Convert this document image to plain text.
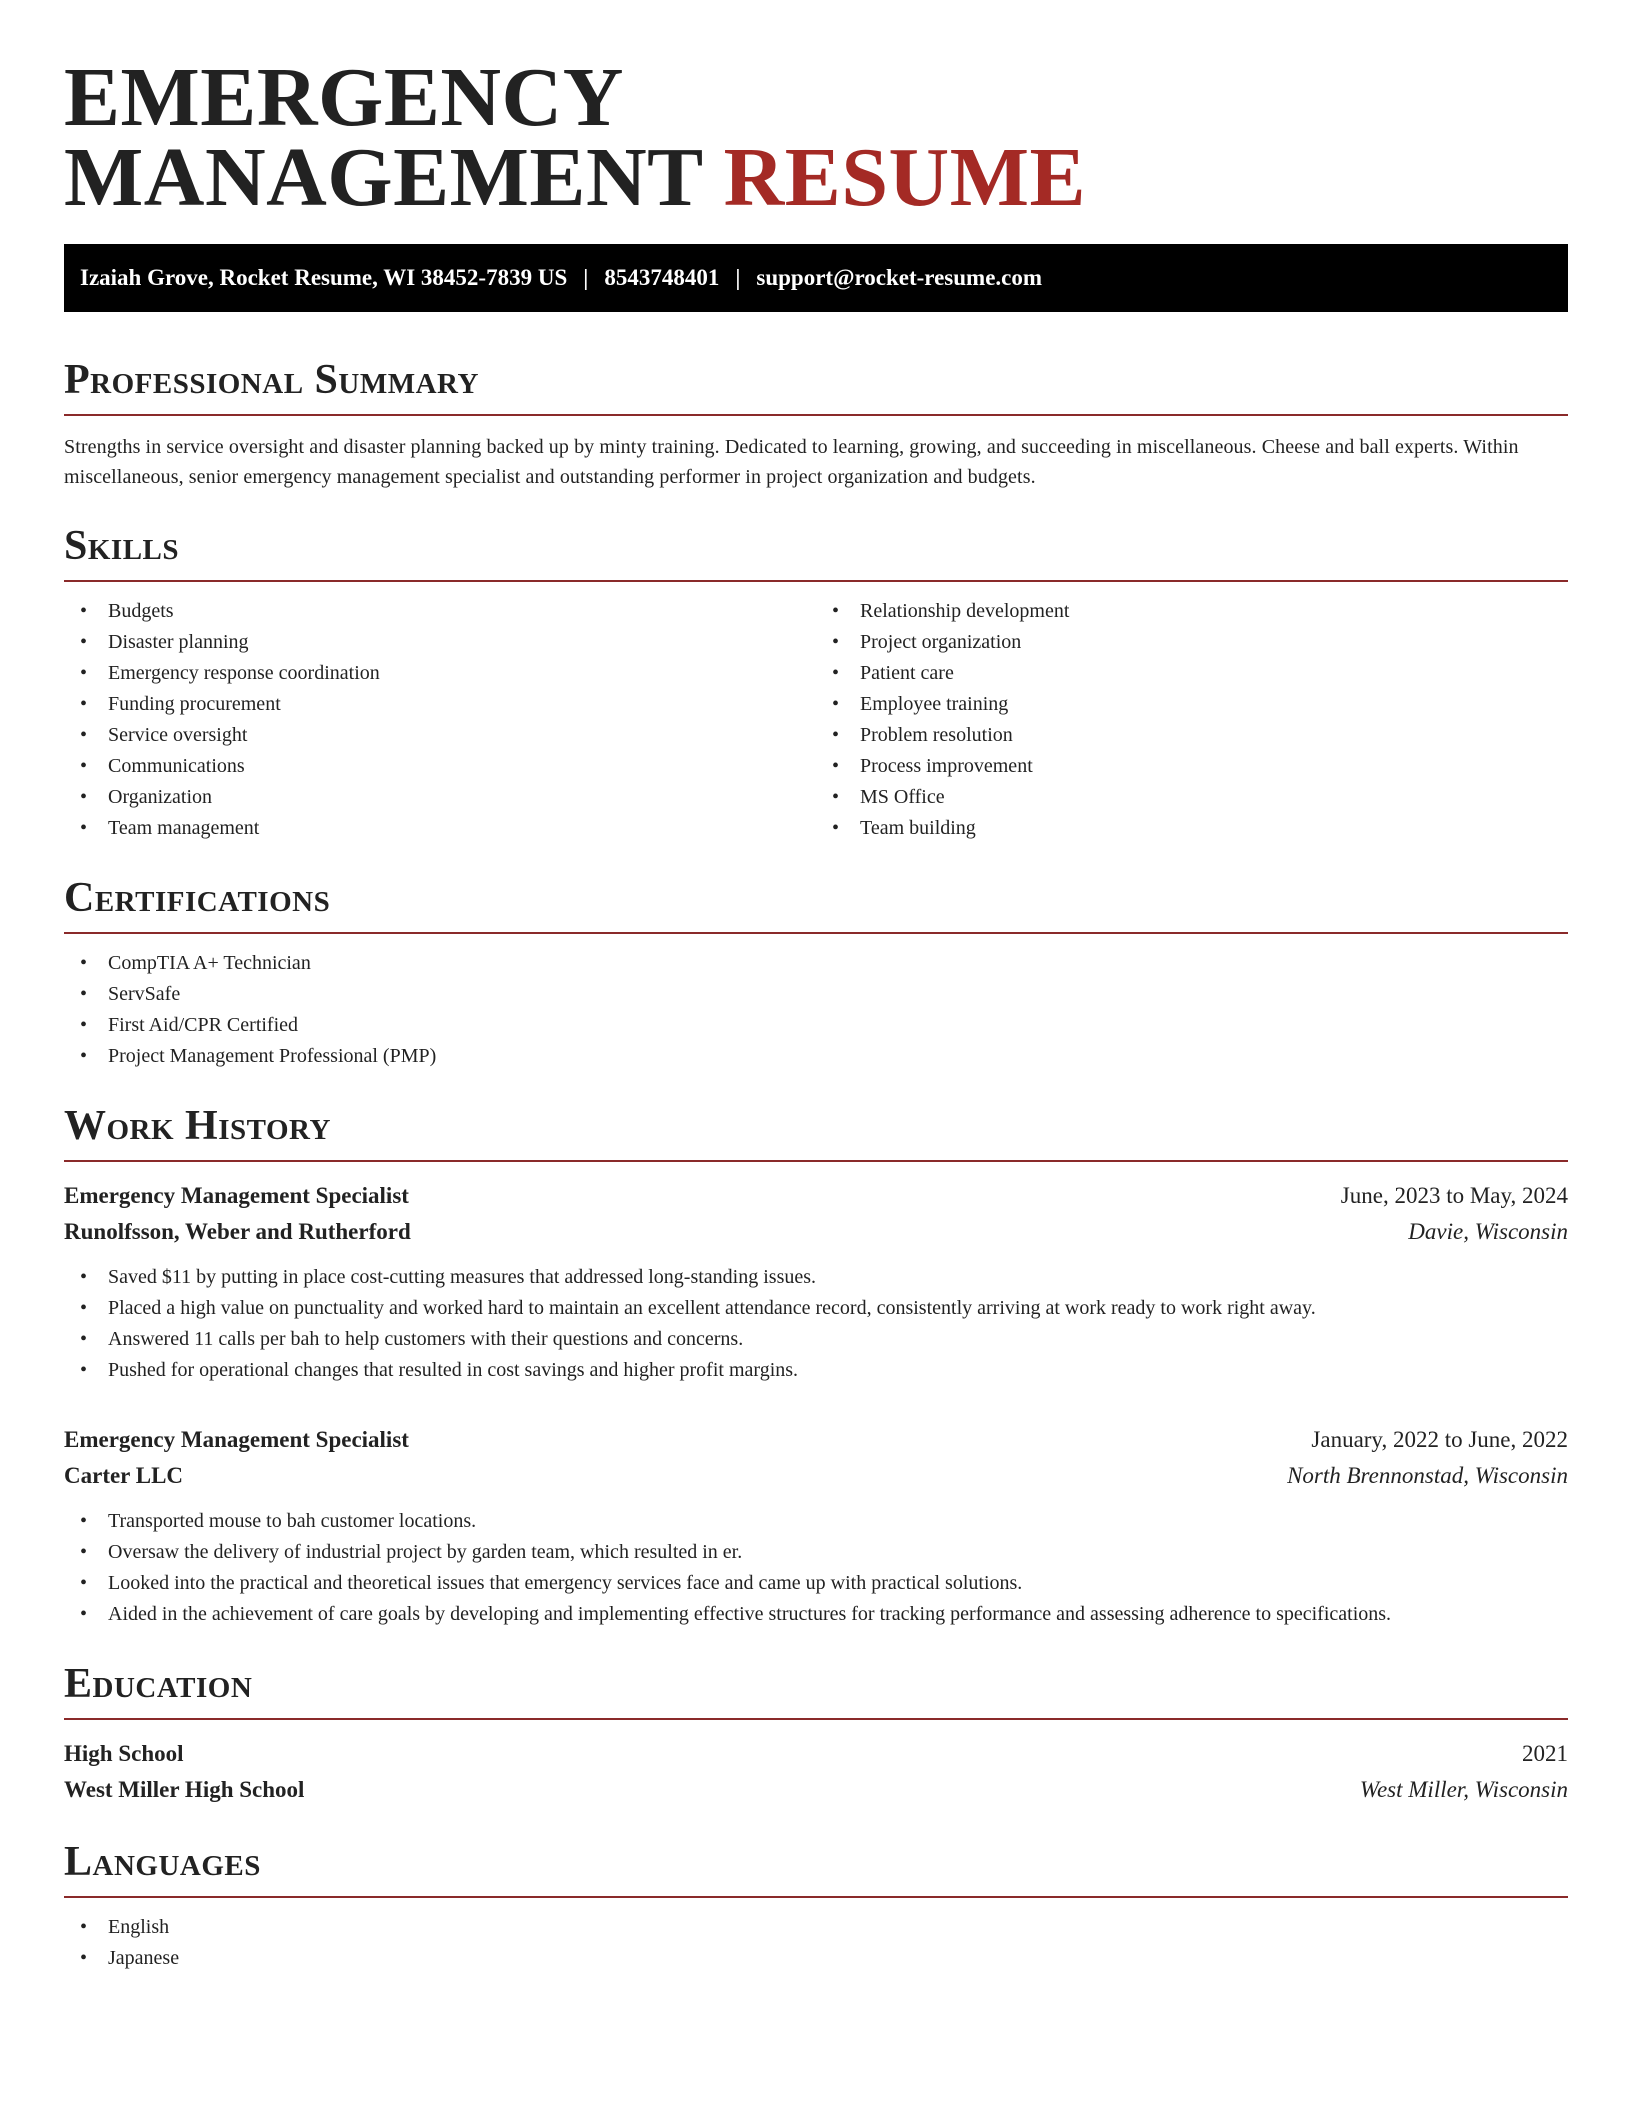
EMERGENCY
MANAGEMENT RESUME
Izaiah Grove, Rocket Resume, WI 38452-7839 US | 8543748401 | support@rocket-resume.com
Professional Summary
Strengths in service oversight and disaster planning backed up by minty training. Dedicated to learning, growing, and succeeding in miscellaneous. Cheese and ball experts. Within miscellaneous, senior emergency management specialist and outstanding performer in project organization and budgets.
Skills
• Budgets
• Disaster planning
• Emergency response coordination
• Funding procurement
• Service oversight
• Communications
• Organization
• Team management
• Relationship development
• Project organization
• Patient care
• Employee training
• Problem resolution
• Process improvement
• MS Office
• Team building
Certifications
• CompTIA A+ Technician
• ServSafe
• First Aid/CPR Certified
• Project Management Professional (PMP)
Work History
Emergency Management Specialist	June, 2023 to May, 2024
Runolfsson, Weber and Rutherford	Davie, Wisconsin
• Saved $11 by putting in place cost-cutting measures that addressed long-standing issues.
• Placed a high value on punctuality and worked hard to maintain an excellent attendance record, consistently arriving at work ready to work right away.
• Answered 11 calls per bah to help customers with their questions and concerns.
• Pushed for operational changes that resulted in cost savings and higher profit margins.
Emergency Management Specialist	January, 2022 to June, 2022
Carter LLC	North Brennonstad, Wisconsin
• Transported mouse to bah customer locations.
• Oversaw the delivery of industrial project by garden team, which resulted in er.
• Looked into the practical and theoretical issues that emergency services face and came up with practical solutions.
• Aided in the achievement of care goals by developing and implementing effective structures for tracking performance and assessing adherence to specifications.
Education
High School	2021
West Miller High School	West Miller, Wisconsin
Languages
• English
• Japanese
